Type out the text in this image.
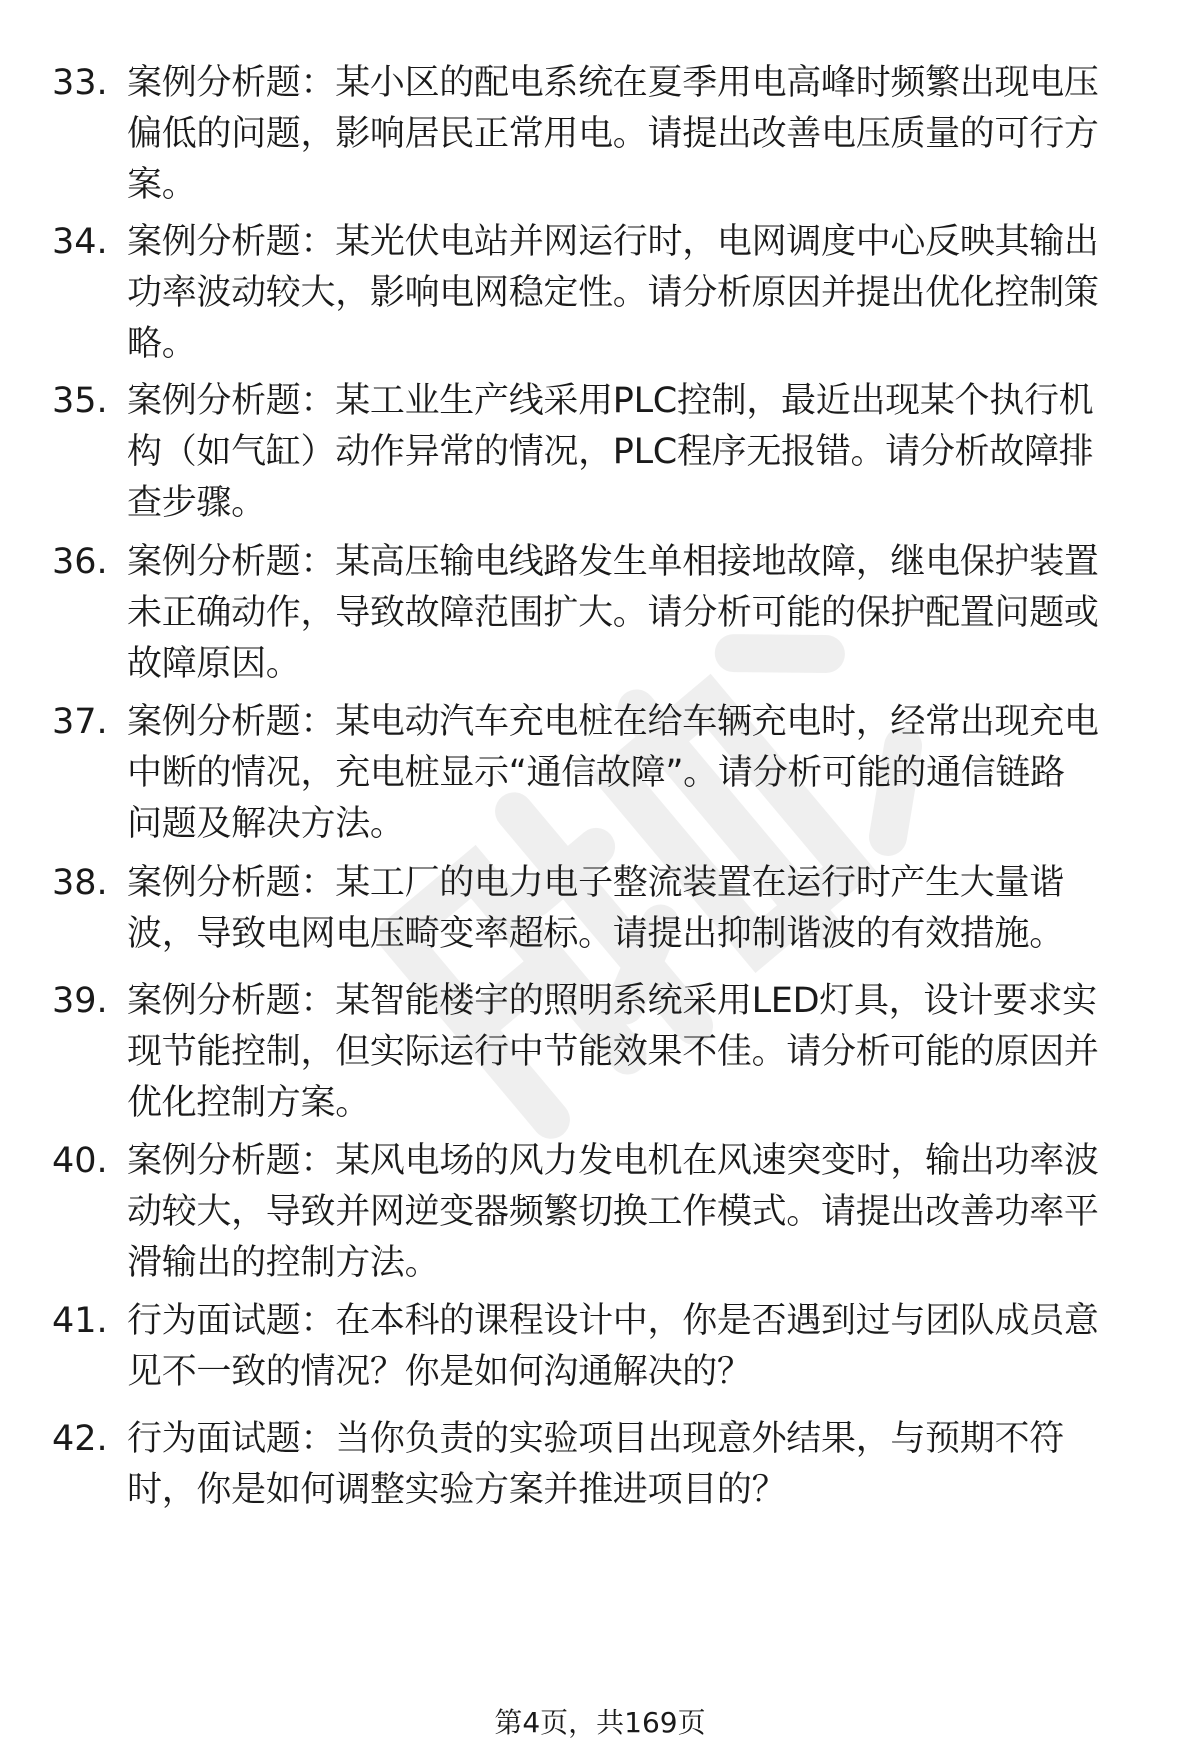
33. 案例分析题：某小区的配电系统在夏季用电高峰时频繁出现电压
偏低的问题，影响居民正常用电。请提出改善电压质量的可行方
案。
34. 案例分析题：某光伏电站并网运行时，电网调度中心反映其输出
功率波动较大，影响电网稳定性。请分析原因并提出优化控制策
略。
35. 案例分析题：某工业生产线采用PLC控制，最近出现某个执行机
构（如气缸）动作异常的情况，PLC程序无报错。请分析故障排
查步骤。
36. 案例分析题：某高压输电线路发生单相接地故障，继电保护装置
未正确动作，导致故障范围扩大。请分析可能的保护配置问题或
故障原因。
37. 案例分析题：某电动汽车充电桩在给车辆充电时，经常出现充电
中断的情况，充电桩显示“通信故障”。请分析可能的通信链路
问题及解决方法。
38. 案例分析题：某工厂的电力电子整流装置在运行时产生大量谐
波，导致电网电压畸变率超标。请提出抑制谐波的有效措施。
39. 案例分析题：某智能楼宇的照明系统采用LED灯具，设计要求实
现节能控制，但实际运行中节能效果不佳。请分析可能的原因并
优化控制方案。
40. 案例分析题：某风电场的风力发电机在风速突变时，输出功率波
动较大，导致并网逆变器频繁切换工作模式。请提出改善功率平
滑输出的控制方法。
41. 行为面试题：在本科的课程设计中，你是否遇到过与团队成员意
见不一致的情况？你是如何沟通解决的？
42. 行为面试题：当你负责的实验项目出现意外结果，与预期不符
时，你是如何调整实验方案并推进项目的？
第4页，共169页
